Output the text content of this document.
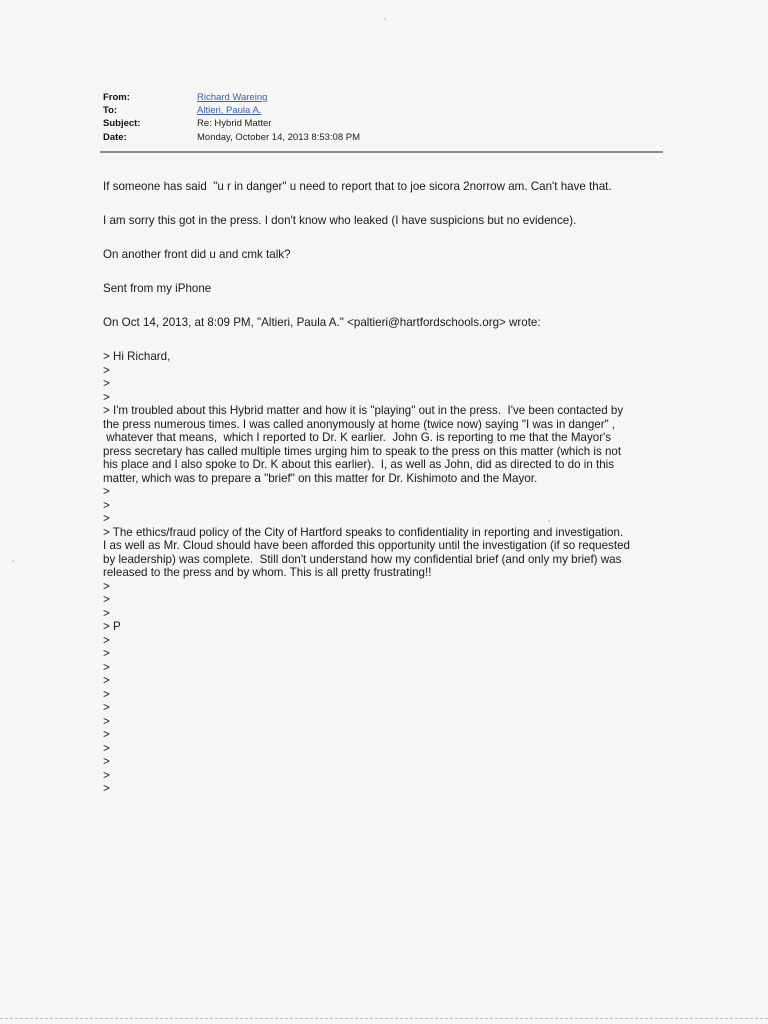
From:	Richard Wareing
To:	Altieri, Paula A.
Subject:	Re: Hybrid Matter
Date:	Monday, October 14, 2013 8:53:08 PM

If someone has said  "u r in danger" u need to report that to joe sicora 2norrow am. Can't have that.

I am sorry this got in the press. I don't know who leaked (I have suspicions but no evidence).

On another front did u and cmk talk?

Sent from my iPhone

On Oct 14, 2013, at 8:09 PM, "Altieri, Paula A." <paltieri@hartfordschools.org> wrote:

> Hi Richard,

>

>

>

> I'm troubled about this Hybrid matter and how it is "playing" out in the press.  I've been contacted by

the press numerous times. I was called anonymously at home (twice now) saying "I was in danger" ,

whatever that means,  which I reported to Dr. K earlier.  John G. is reporting to me that the Mayor's

press secretary has called multiple times urging him to speak to the press on this matter (which is not

his place and I also spoke to Dr. K about this earlier).  I, as well as John, did as directed to do in this

matter, which was to prepare a "brief" on this matter for Dr. Kishimoto and the Mayor.

>

>

>

> The ethics/fraud policy of the City of Hartford speaks to confidentiality in reporting and investigation.

I as well as Mr. Cloud should have been afforded this opportunity until the investigation (if so requested

by leadership) was complete.  Still don't understand how my confidential brief (and only my brief) was

released to the press and by whom. This is all pretty frustrating!!

>

>

>

> P

>

>

>

>

>

>

>

>

>

>

>

>
